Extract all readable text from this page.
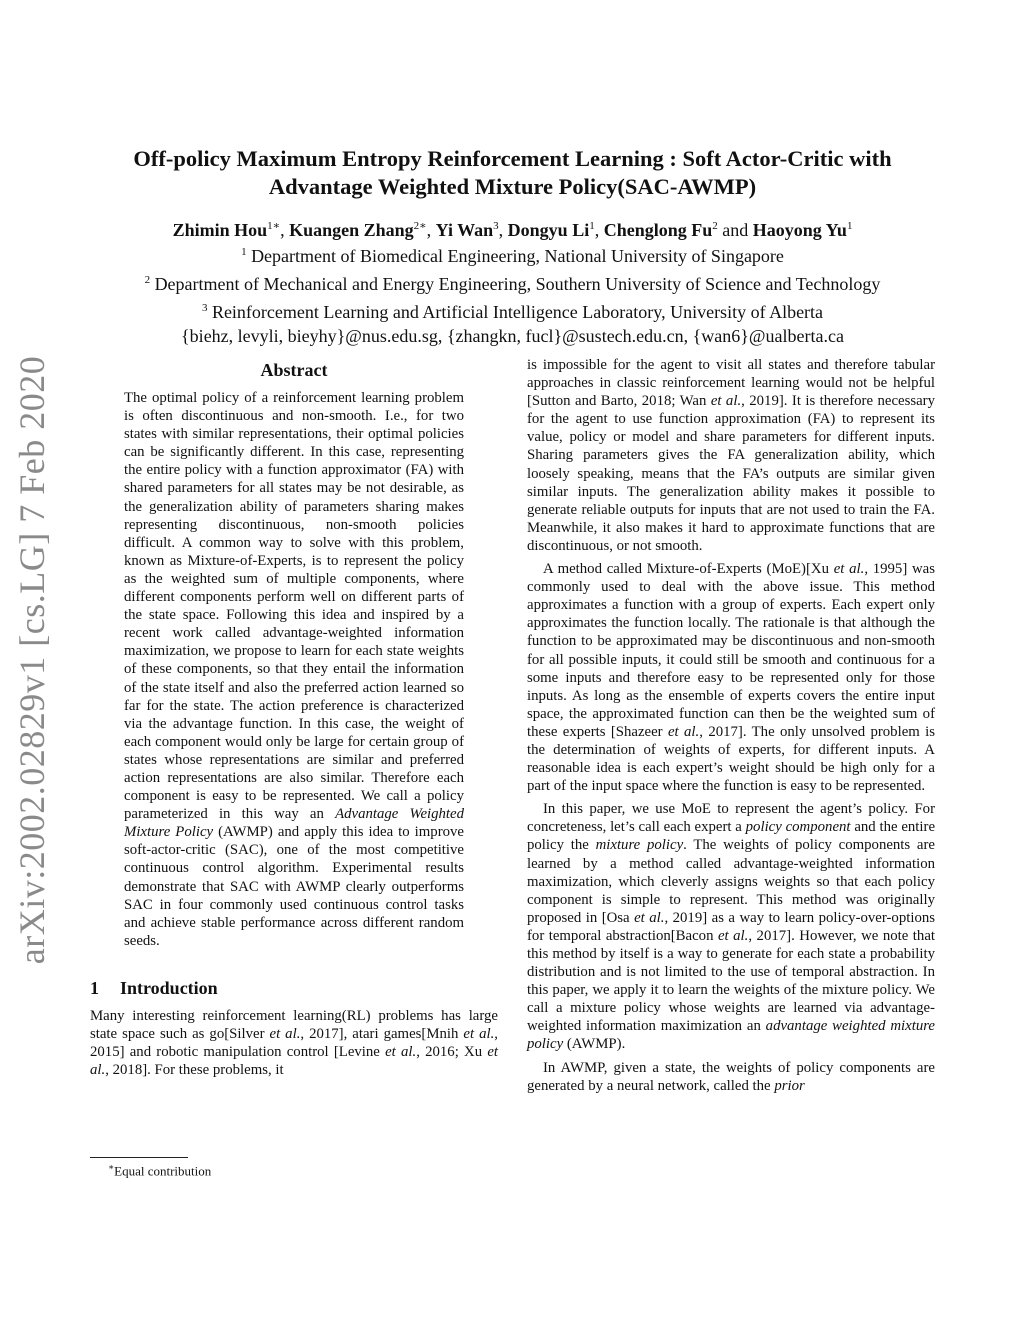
arXiv:2002.02829v1 [cs.LG] 7 Feb 2020
Off-policy Maximum Entropy Reinforcement Learning : Soft Actor-Critic with
Advantage Weighted Mixture Policy(SAC-AWMP)
Zhimin Hou$^{1∗}$, Kuangen Zhang$^{2∗}$, Yi Wan$^3$, Dongyu Li$^1$, Chenglong Fu$^2$ and Haoyong Yu$^1$
$^1$ Department of Biomedical Engineering, National University of Singapore
$^2$ Department of Mechanical and Energy Engineering, Southern University of Science and Technology
$^3$ Reinforcement Learning and Artificial Intelligence Laboratory, University of Alberta
{biehz, levyli, bieyhy}@nus.edu.sg, {zhangkn, fucl}@sustech.edu.cn, {wan6}@ualberta.ca
Abstract

The optimal policy of a reinforcement learning problem is often discontinuous and non-smooth. I.e., for two states with similar representations, their optimal policies can be significantly different. In this case, representing the entire policy with a function approximator (FA) with shared parameters for all states may be not desirable, as the generalization ability of parameters sharing makes representing discontinuous, non-smooth policies difficult. A common way to solve with this problem, known as Mixture-of-Experts, is to represent the policy as the weighted sum of multiple components, where different components perform well on different parts of the state space. Following this idea and inspired by a recent work called advantage-weighted information maximization, we propose to learn for each state weights of these components, so that they entail the information of the state itself and also the preferred action learned so far for the state. The action preference is characterized via the advantage function. In this case, the weight of each component would only be large for certain group of states whose representations are similar and preferred action representations are also similar. Therefore each component is easy to be represented. We call a policy parameterized in this way an Advantage Weighted Mixture Policy (AWMP) and apply this idea to improve soft-actor-critic (SAC), one of the most competitive continuous control algorithm. Experimental results demonstrate that SAC with AWMP clearly outperforms SAC in four commonly used continuous control tasks and achieve stable performance across different random seeds.

1 Introduction

Many interesting reinforcement learning(RL) problems has large state space such as go[Silver et al., 2017], atari games[Mnih et al., 2015] and robotic manipulation control [Levine et al., 2016; Xu et al., 2018]. For these problems, it

∗Equal contribution

is impossible for the agent to visit all states and therefore tabular approaches in classic reinforcement learning would not be helpful [Sutton and Barto, 2018; Wan et al., 2019]. It is therefore necessary for the agent to use function approximation (FA) to represent its value, policy or model and share parameters for different inputs. Sharing parameters gives the FA generalization ability, which loosely speaking, means that the FA’s outputs are similar given similar inputs. The generalization ability makes it possible to generate reliable outputs for inputs that are not used to train the FA. Meanwhile, it also makes it hard to approximate functions that are discontinuous, or not smooth.

A method called Mixture-of-Experts (MoE)[Xu et al., 1995] was commonly used to deal with the above issue. This method approximates a function with a group of experts. Each expert only approximates the function locally. The rationale is that although the function to be approximated may be discontinuous and non-smooth for all possible inputs, it could still be smooth and continuous for a some inputs and therefore easy to be represented only for those inputs. As long as the ensemble of experts covers the entire input space, the approximated function can then be the weighted sum of these experts [Shazeer et al., 2017]. The only unsolved problem is the determination of weights of experts, for different inputs. A reasonable idea is each expert’s weight should be high only for a part of the input space where the function is easy to be represented.

In this paper, we use MoE to represent the agent’s policy. For concreteness, let’s call each expert a policy component and the entire policy the mixture policy. The weights of policy components are learned by a method called advantage-weighted information maximization, which cleverly assigns weights so that each policy component is simple to represent. This method was originally proposed in [Osa et al., 2019] as a way to learn policy-over-options for temporal abstraction[Bacon et al., 2017]. However, we note that this method by itself is a way to generate for each state a probability distribution and is not limited to the use of temporal abstraction. In this paper, we apply it to learn the weights of the mixture policy. We call a mixture policy whose weights are learned via advantage-weighted information maximization an advantage weighted mixture policy (AWMP).

In AWMP, given a state, the weights of policy components are generated by a neural network, called the prior
